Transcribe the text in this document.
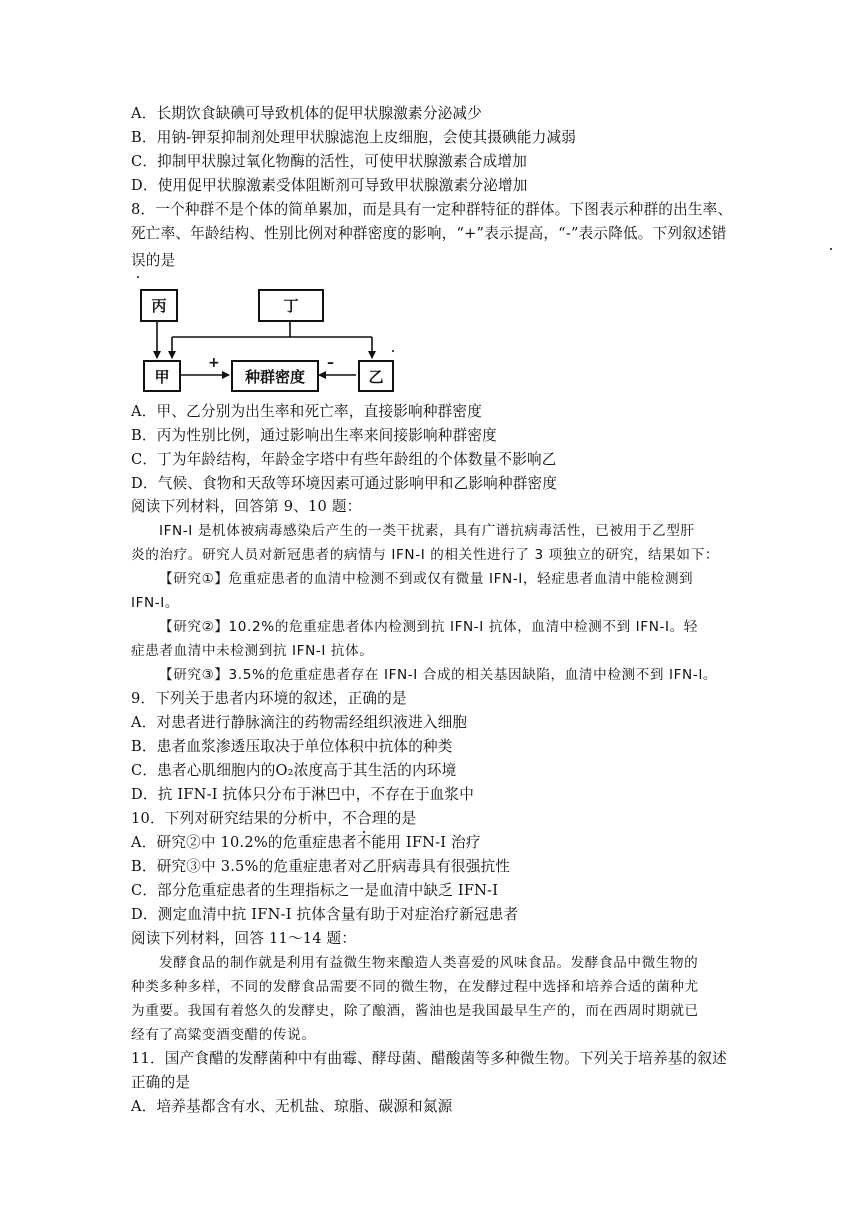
A．长期饮食缺碘可导致机体的促甲状腺激素分泌减少
B．用钠-钾泵抑制剂处理甲状腺滤泡上皮细胞，会使其摄碘能力减弱
C．抑制甲状腺过氧化物酶的活性，可使甲状腺激素合成增加
D．使用促甲状腺激素受体阻断剂可导致甲状腺激素分泌增加
8．一个种群不是个体的简单累加，而是具有一定种群特征的群体。下图表示种群的出生率、
死亡率、年龄结构、性别比例对种群密度的影响，“+”表示提高，“-”表示降低。下列叙述错
误的是
丙	丁
甲	种群密度	乙
+	–
A．甲、乙分别为出生率和死亡率，直接影响种群密度
B．丙为性别比例，通过影响出生率来间接影响种群密度
C．丁为年龄结构，年龄金字塔中有些年龄组的个体数量不影响乙
D．气候、食物和天敌等环境因素可通过影响甲和乙影响种群密度
阅读下列材料，回答第 9、10 题：
IFN-I 是机体被病毒感染后产生的一类干扰素，具有广谱抗病毒活性，已被用于乙型肝
炎的治疗。研究人员对新冠患者的病情与 IFN-I 的相关性进行了 3 项独立的研究，结果如下：
【研究①】危重症患者的血清中检测不到或仅有微量 IFN-I，轻症患者血清中能检测到
IFN-I。
【研究②】10.2%的危重症患者体内检测到抗 IFN-I 抗体，血清中检测不到 IFN-I。轻
症患者血清中未检测到抗 IFN-I 抗体。
【研究③】3.5%的危重症患者存在 IFN-I 合成的相关基因缺陷，血清中检测不到 IFN-I。
9．下列关于患者内环境的叙述，正确的是
A．对患者进行静脉滴注的药物需经组织液进入细胞
B．患者血浆渗透压取决于单位体积中抗体的种类
C．患者心肌细胞内的O₂浓度高于其生活的内环境
D．抗 IFN-I 抗体只分布于淋巴中，不存在于血浆中
10．下列对研究结果的分析中，不合理的是
A．研究②中 10.2%的危重症患者不能用 IFN-I 治疗
B．研究③中 3.5%的危重症患者对乙肝病毒具有很强抗性
C．部分危重症患者的生理指标之一是血清中缺乏 IFN-I
D．测定血清中抗 IFN-I 抗体含量有助于对症治疗新冠患者
阅读下列材料，回答 11～14 题：
发酵食品的制作就是利用有益微生物来酿造人类喜爱的风味食品。发酵食品中微生物的
种类多种多样，不同的发酵食品需要不同的微生物，在发酵过程中选择和培养合适的菌种尤
为重要。我国有着悠久的发酵史，除了酿酒，酱油也是我国最早生产的，而在西周时期就已
经有了高粱变酒变醋的传说。
11．国产食醋的发酵菌种中有曲霉、酵母菌、醋酸菌等多种微生物。下列关于培养基的叙述
正确的是
A．培养基都含有水、无机盐、琼脂、碳源和氮源
